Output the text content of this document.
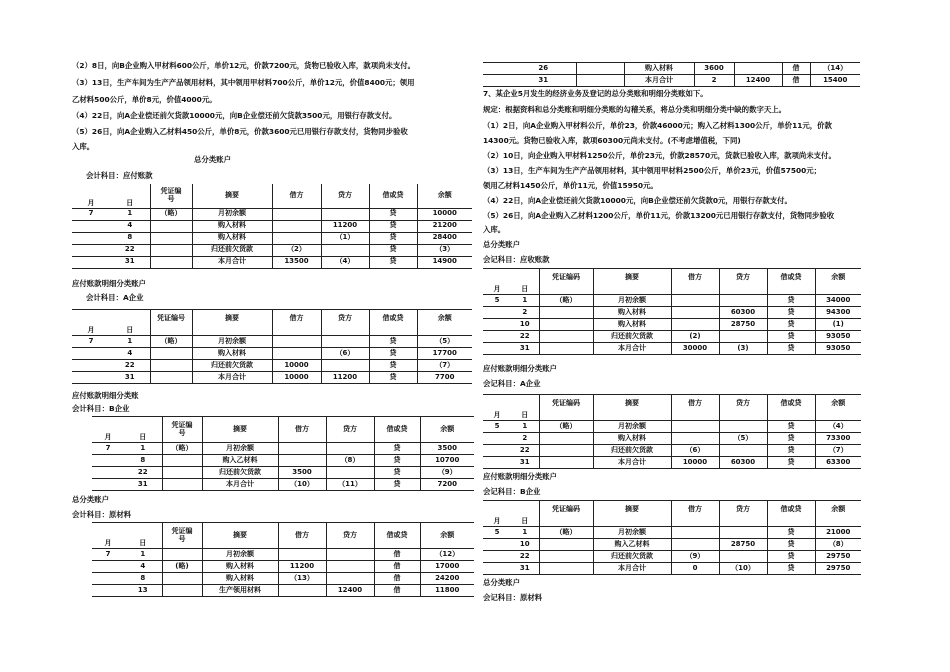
（2）8日，向B企业购入甲材料600公斤，单价12元，价款7200元，货物已验收入库，款项尚未支付。
（3）13日，生产车间为生产产品领用材料，其中领用甲材料700公斤，单价12元，价值8400元；领用
乙材料500公斤，单价8元，价值4000元。
（4）22日，向A企业偿还前欠货款10000元，向B企业偿还前欠货款3500元，用银行存款支付。
（5）26日，向A企业购入乙材料450公斤，单价8元，价款3600元已用银行存款支付，货物同步验收
入库。
总分类账户
会计科目：应付账款
月	日	凭证编
号	摘要	借方	贷方	借或贷	余额
7	1	（略）	月初余额			贷	10000
	4		购入材料		11200	贷	21200
	8		购入材料		（1）	贷	28400
	22		归还前欠货款	（2）		贷	（3）
	31		本月合计	13500	（4）	贷	14900
应付账款明细分类账户
会计科目：A企业
月	日	凭证编号	摘要	借方	贷方	借或贷	余额
7	1	（略）	月初余额			贷	（5）
	4		购入材料		（6）	贷	17700
	22		归还前欠货款	10000		贷	（7）
	31		本月合计	10000	11200	贷	7700
应付账款明细分类账
会计科目：B企业
月	日	凭证编
号	摘要	借方	贷方	借或贷	余额
7	1	（略）	月初余额			贷	3500
	8		购入乙材料		（8）	贷	10700
	22		归还前欠货款	3500		贷	（9）
	31		本月合计	（10）	（11）	贷	7200
总分类账户
会计科目：原材料
月	日	凭证编
号	摘要	借方	贷方	借或贷	余额
7	1		月初余额			借	（12）
	4	(略)	购入材料	11200		借	17000
	8		购入材料	（13）		借	24200
	13		生产领用材料		12400	借	11800
	26		购入材料	3600		借	（14）
	31		本月合计	2	12400	借	15400
7、某企业5月发生的经济业务及登记的总分类账和明细分类账如下。
规定：根据资料和总分类账和明细分类账的勾稽关系，将总分类和明细分类中缺的数字天上。
（1）2日，向A企业购入甲材料公斤，单价23，价款46000元；购入乙材料1300公斤，单价11元，价款
14300元。货物已验收入库，款项60300元尚未支付。(不考虑增值税，下同)
（2）10日，向企业购入甲材料1250公斤，单价23元，价款28570元，货款已验收入库，款项尚未支付。
（3）13日，生产车间为生产产品领用材料，其中领用甲材料2500公斤，单价23元，价值57500元；
领用乙材料1450公斤，单价11元，价值15950元。
（4）22日，向A企业偿还前欠货款10000元，向B企业偿还前欠货款0元，用银行存款支付。
（5）26日，向A企业购入乙材料1200公斤，单价11元，价款13200元已用银行存款支付，货物同步验收
入库。
总分类账户
会记科目：应收账款
月	日	凭证编码	摘要	借方	贷方	借或贷	余额
5	1	（略）	月初余额			贷	34000
	2		购入材料		60300	贷	94300
	10		购入材料		28750	贷	(1)
	22		归还前欠货款	(2)		贷	93050
	31		本月合计	30000	(3)	贷	93050
应付账款明细分类账户
会记科目：A企业
月	日	凭证编码	摘要	借方	贷方	借或贷	余额
5	1	（略）	月初余额			贷	（4）
	2		购入材料		（5）	贷	73300
	22		归还前欠货款	（6）		贷	（7）
	31		本月合计	10000	60300	贷	63300
应付账款明细分类账户
会记科目：B企业
月	日	凭证编码	摘要	借方	贷方	借或贷	余额
5	1	（略）	月初余额			贷	21000
	10		购入乙材料		28750	贷	（8）
	22		归还前欠货款	（9）		贷	29750
	31		本月合计	0	（10）	贷	29750
总分类账户
会记科目：原材料
